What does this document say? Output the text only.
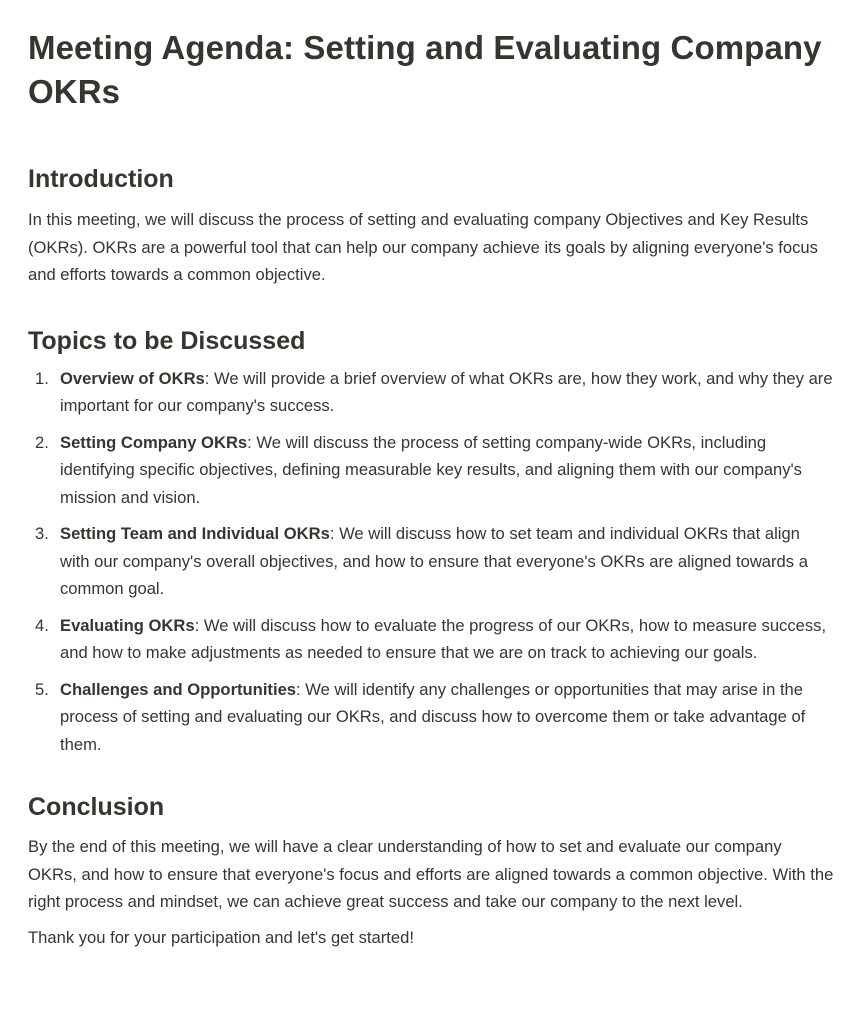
Meeting Agenda: Setting and Evaluating Company OKRs
Introduction

In this meeting, we will discuss the process of setting and evaluating company Objectives and Key Results (OKRs). OKRs are a powerful tool that can help our company achieve its goals by aligning everyone's focus and efforts towards a common objective.

Topics to be Discussed
1. Overview of OKRs: We will provide a brief overview of what OKRs are, how they work, and why they are important for our company's success.
2. Setting Company OKRs: We will discuss the process of setting company-wide OKRs, including identifying specific objectives, defining measurable key results, and aligning them with our company's mission and vision.
3. Setting Team and Individual OKRs: We will discuss how to set team and individual OKRs that align with our company's overall objectives, and how to ensure that everyone's OKRs are aligned towards a common goal.
4. Evaluating OKRs: We will discuss how to evaluate the progress of our OKRs, how to measure success, and how to make adjustments as needed to ensure that we are on track to achieving our goals.
5. Challenges and Opportunities: We will identify any challenges or opportunities that may arise in the process of setting and evaluating our OKRs, and discuss how to overcome them or take advantage of them.
Conclusion

By the end of this meeting, we will have a clear understanding of how to set and evaluate our company OKRs, and how to ensure that everyone's focus and efforts are aligned towards a common objective. With the right process and mindset, we can achieve great success and take our company to the next level.

Thank you for your participation and let's get started!
